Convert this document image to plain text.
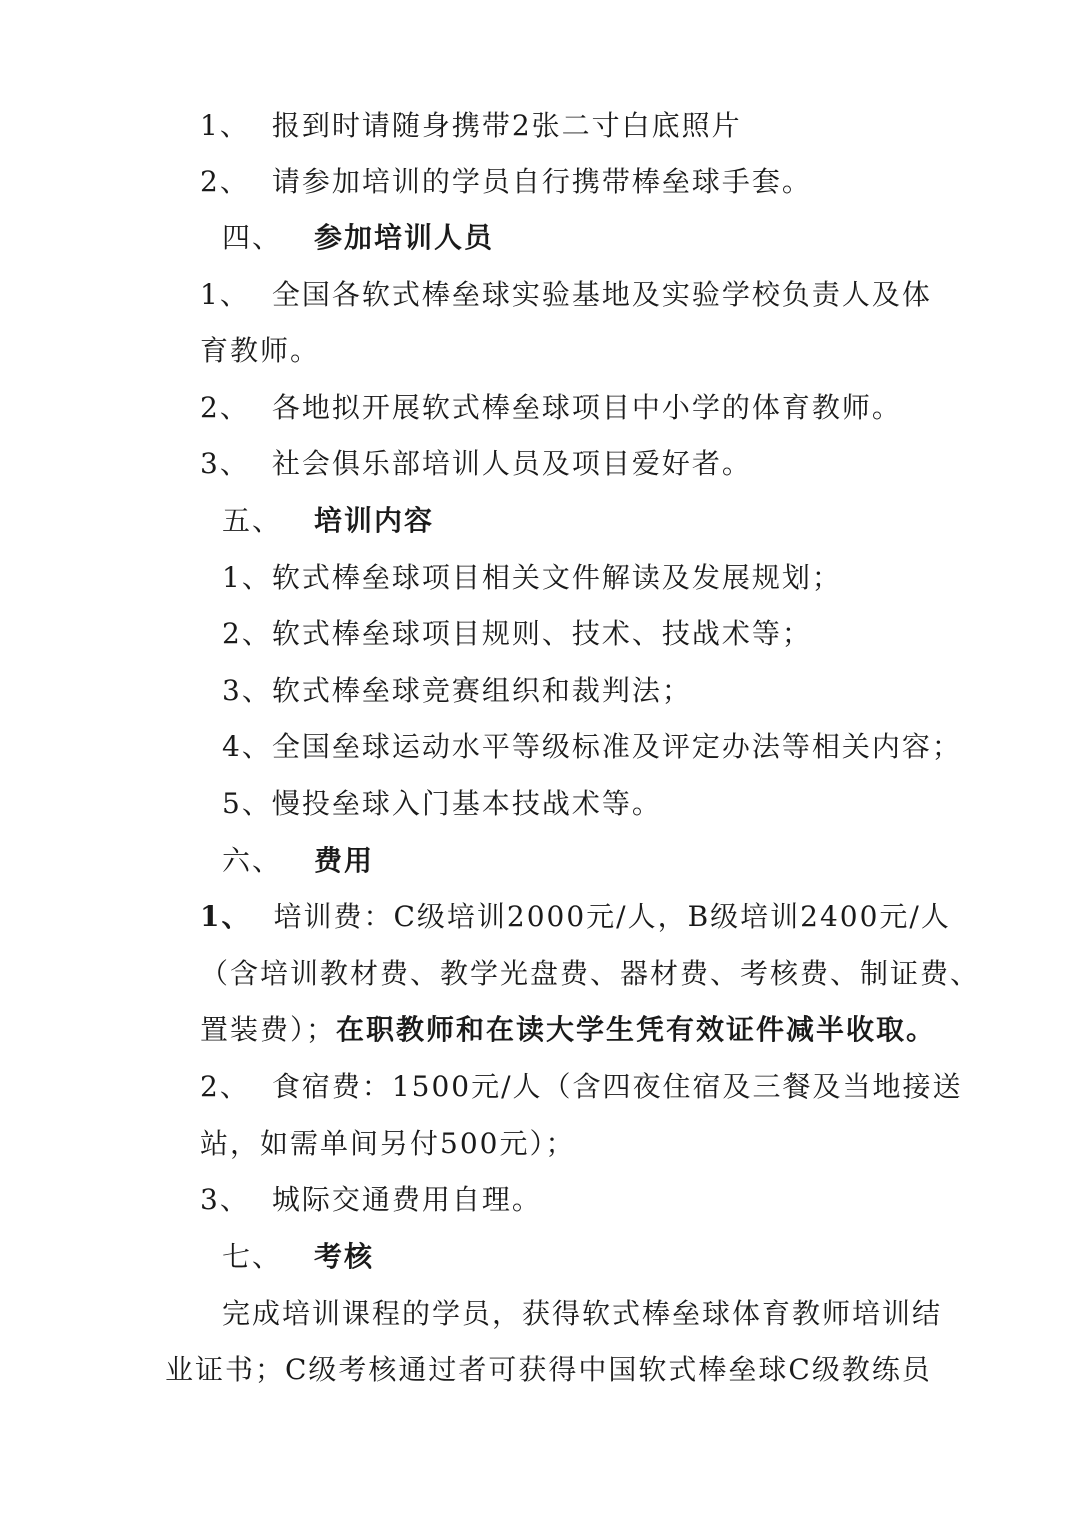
1、 报到时请随身携带2张二寸白底照片
2、 请参加培训的学员自行携带棒垒球手套。
四、 参加培训人员
1、 全国各软式棒垒球实验基地及实验学校负责人及体
育教师。
2、 各地拟开展软式棒垒球项目中小学的体育教师。
3、 社会俱乐部培训人员及项目爱好者。
五、 培训内容
1、软式棒垒球项目相关文件解读及发展规划；
2、软式棒垒球项目规则、技术、技战术等；
3、软式棒垒球竞赛组织和裁判法；
4、全国垒球运动水平等级标准及评定办法等相关内容；
5、慢投垒球入门基本技战术等。
六、 费用
1、 培训费：C级培训2000元/人，B级培训2400元/人
（含培训教材费、教学光盘费、器材费、考核费、制证费、
置装费）；在职教师和在读大学生凭有效证件减半收取。
2、 食宿费：1500元/人（含四夜住宿及三餐及当地接送
站，如需单间另付500元）；
3、 城际交通费用自理。
七、 考核
完成培训课程的学员，获得软式棒垒球体育教师培训结
业证书；C级考核通过者可获得中国软式棒垒球C级教练员
